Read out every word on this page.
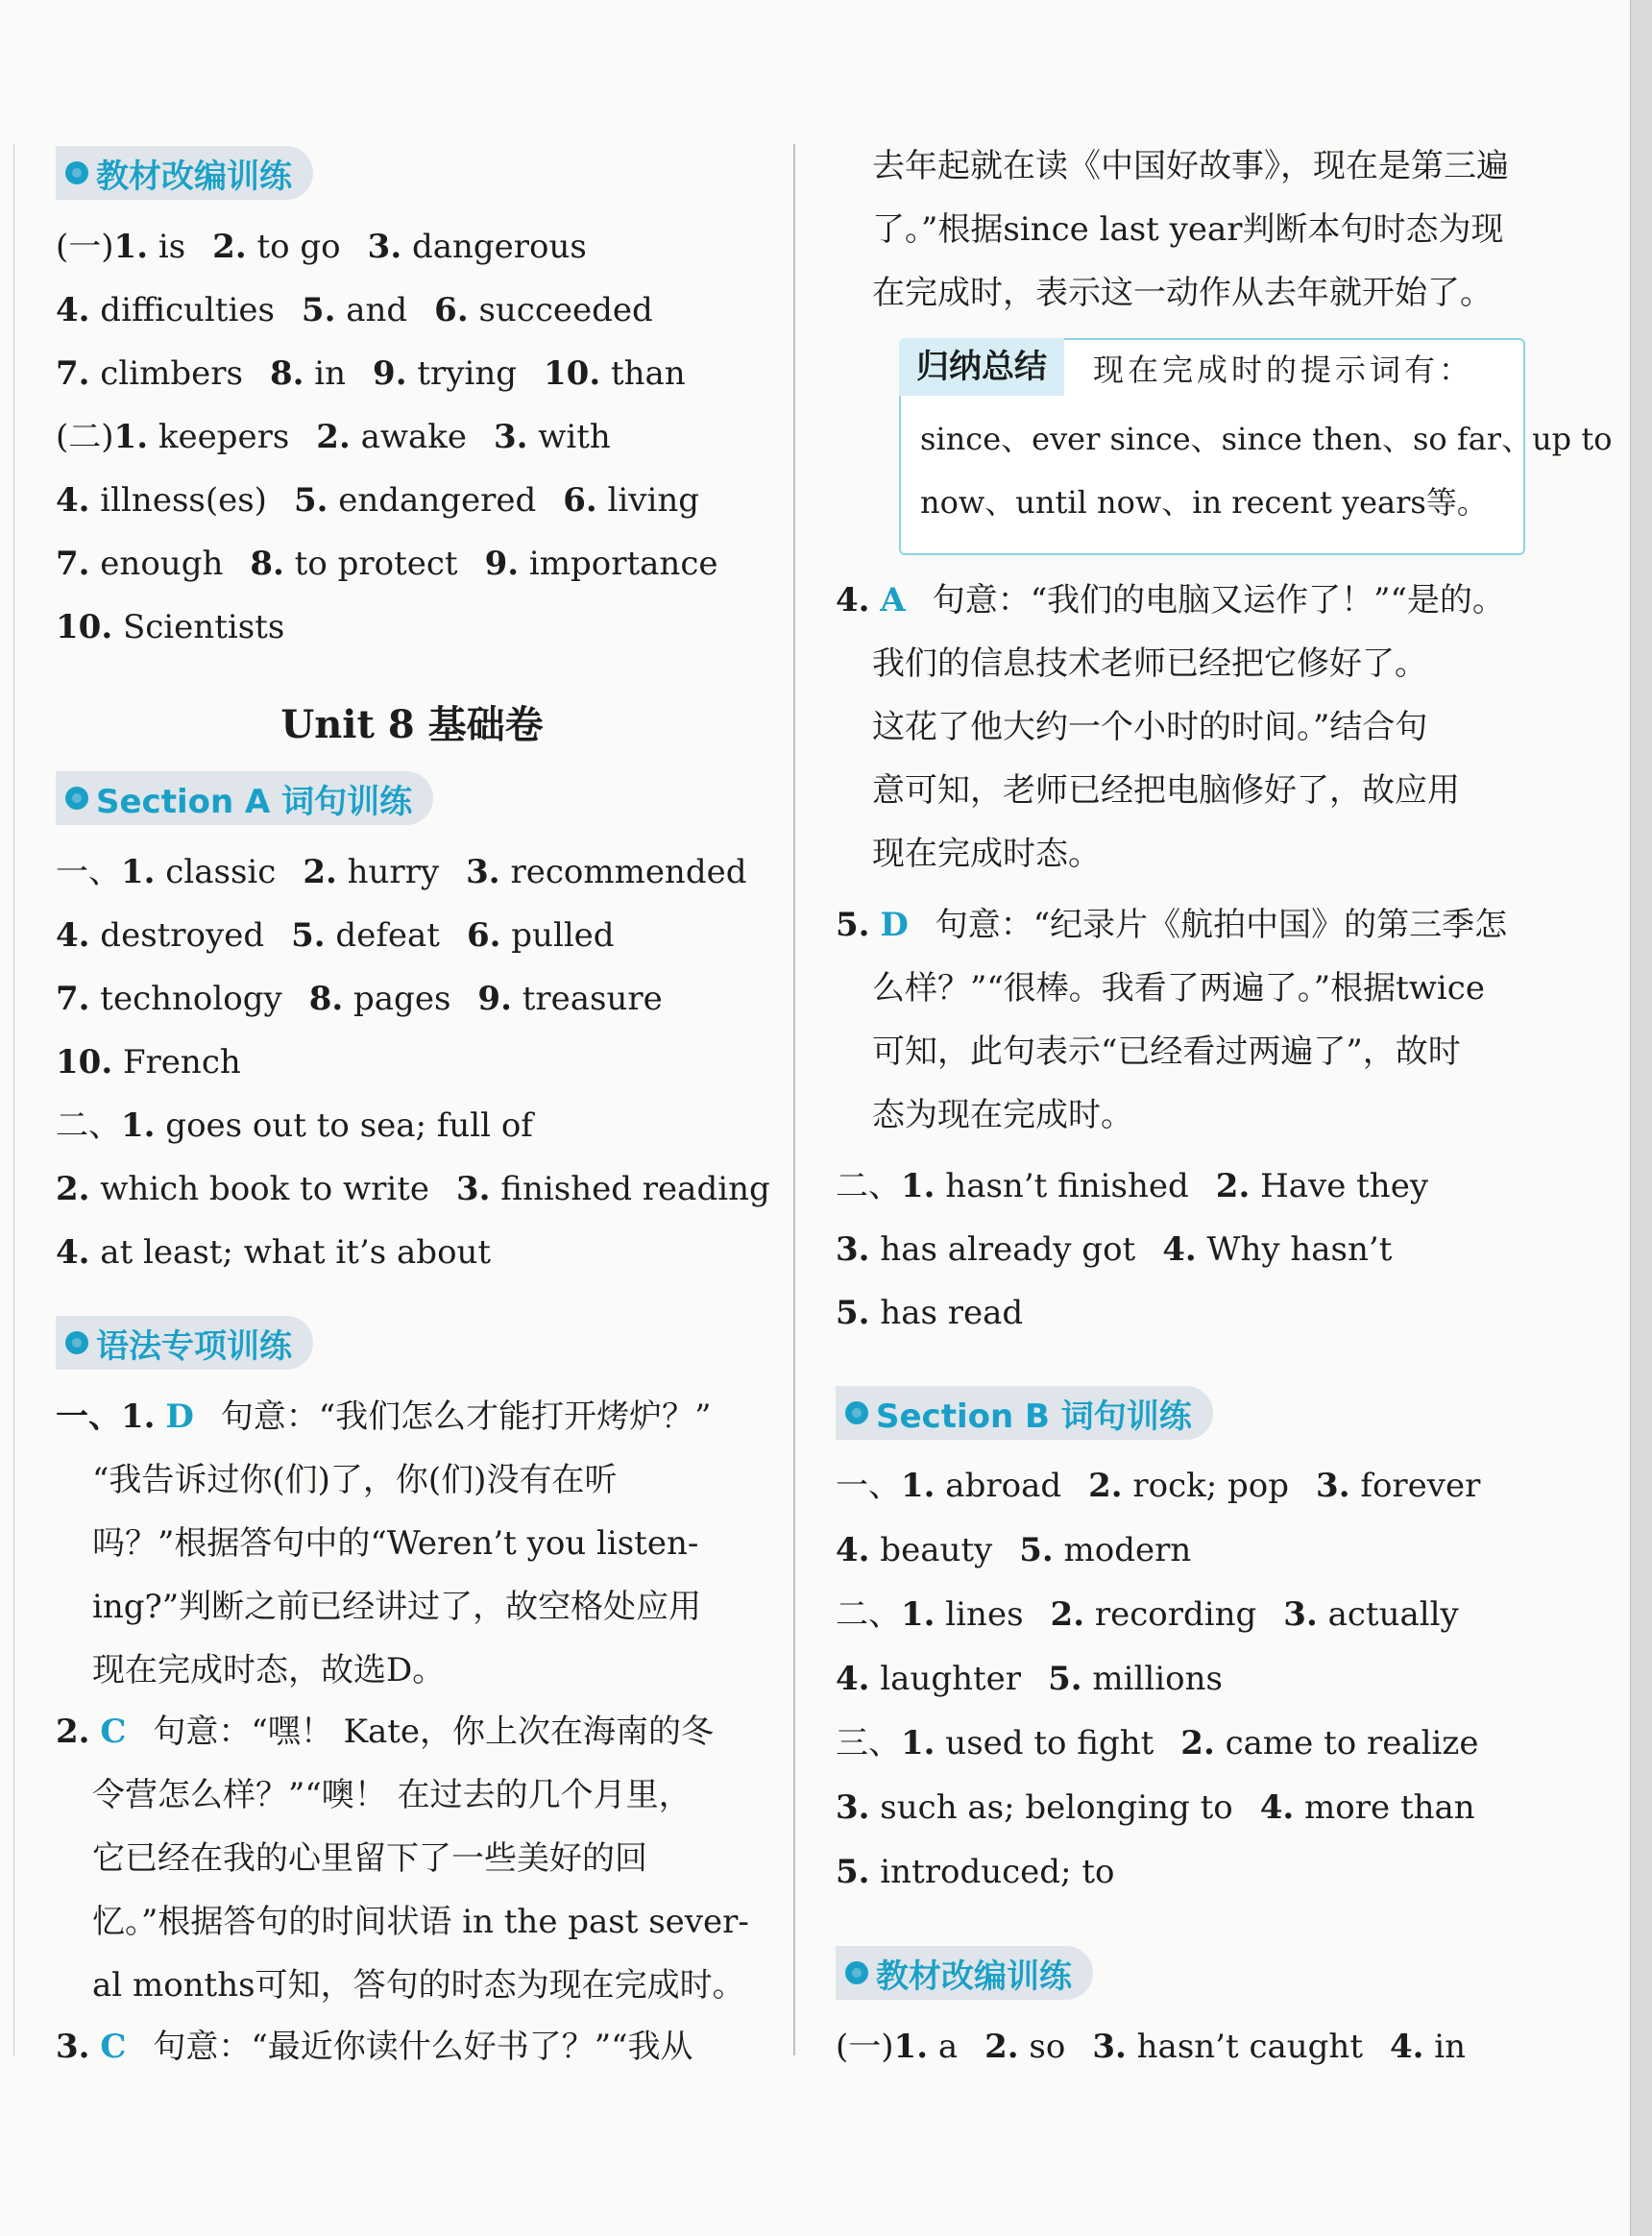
教材改编训练
(一)1. is 2. to go 3. dangerous
4. difficulties 5. and 6. succeeded
7. climbers 8. in 9. trying 10. than
(二)1. keepers 2. awake 3. with
4. illness(es) 5. endangered 6. living
7. enough 8. to protect 9. importance
10. Scientists
Unit 8 基础卷
Section A 词句训练
一、1. classic 2. hurry 3. recommended
4. destroyed 5. defeat 6. pulled
7. technology 8. pages 9. treasure
10. French
二、1. goes out to sea; full of
2. which book to write 3. finished reading
4. at least; what it’s about
语法专项训练
一、1. D 句意：“我们怎么才能打开烤炉？”
“我告诉过你(们)了，你(们)没有在听
吗？”根据答句中的“Weren’t you listen-
ing?”判断之前已经讲过了，故空格处应用
现在完成时态，故选D。
2. C 句意：“嘿！ Kate，你上次在海南的冬
令营怎么样？”“噢！ 在过去的几个月里，
它已经在我的心里留下了一些美好的回
忆。”根据答句的时间状语 in the past sever-
al months可知，答句的时态为现在完成时。
3. C 句意：“最近你读什么好书了？”“我从
去年起就在读《中国好故事》，现在是第三遍
了。”根据since last year判断本句时态为现
在完成时，表示这一动作从去年就开始了。
归纳总结	现在完成时的提示词有：
since、ever since、since then、so far、up to
now、until now、in recent years等。
4. A 句意：“我们的电脑又运作了！”“是的。
我们的信息技术老师已经把它修好了。
这花了他大约一个小时的时间。”结合句
意可知，老师已经把电脑修好了，故应用
现在完成时态。
5. D 句意：“纪录片《航拍中国》的第三季怎
么样？”“很棒。我看了两遍了。”根据twice
可知，此句表示“已经看过两遍了”，故时
态为现在完成时。
二、1. hasn’t finished 2. Have they
3. has already got 4. Why hasn’t
5. has read
Section B 词句训练
一、1. abroad 2. rock; pop 3. forever
4. beauty 5. modern
二、1. lines 2. recording 3. actually
4. laughter 5. millions
三、1. used to fight 2. came to realize
3. such as; belonging to 4. more than
5. introduced; to
教材改编训练
(一)1. a 2. so 3. hasn’t caught 4. in
